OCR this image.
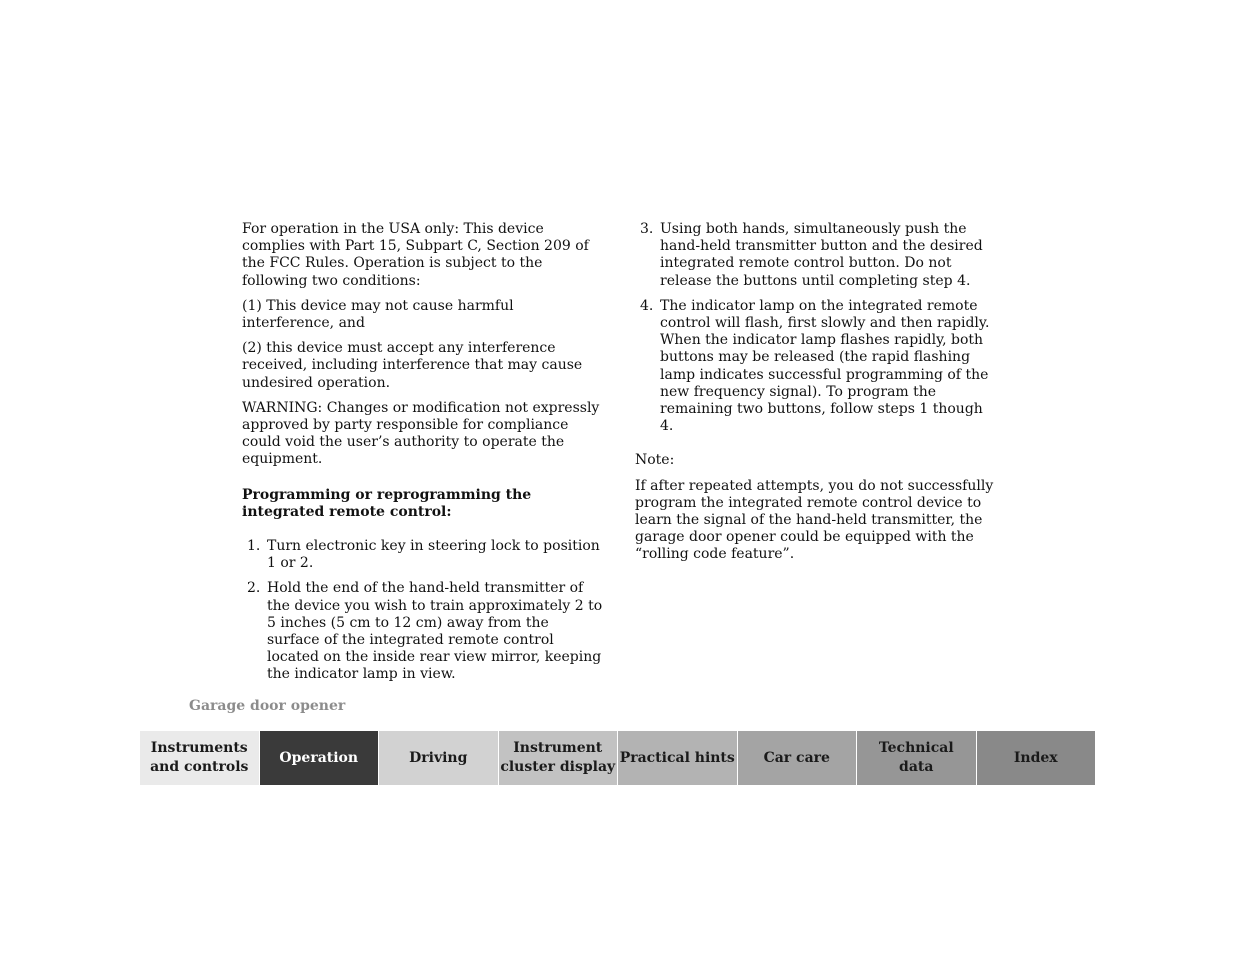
For operation in the USA only: This device complies with Part 15, Subpart C, Section 209 of the FCC Rules. Operation is subject to the following two conditions:

(1) This device may not cause harmful interference, and

(2) this device must accept any interference received, including interference that may cause undesired operation.

WARNING: Changes or modification not expressly approved by party responsible for compliance could void the user’s authority to operate the equipment.

Programming or reprogramming the integrated remote control:

1. Turn electronic key in steering lock to position 1 or 2.
2. Hold the end of the hand-held transmitter of the device you wish to train approximately 2 to 5 inches (5 cm to 12 cm) away from the surface of the integrated remote control located on the inside rear view mirror, keeping the indicator lamp in view.
3. Using both hands, simultaneously push the hand-held transmitter button and the desired integrated remote control button. Do not release the buttons until completing step 4.
4. The indicator lamp on the integrated remote control will flash, first slowly and then rapidly. When the indicator lamp flashes rapidly, both buttons may be released (the rapid flashing lamp indicates successful programming of the new frequency signal). To program the remaining two buttons, follow steps 1 though 4.

Note:

If after repeated attempts, you do not successfully program the integrated remote control device to learn the signal of the hand-held transmitter, the garage door opener could be equipped with the “rolling code feature”.

Garage door opener
Instruments
and controls
Operation	Driving
Instrument
cluster display
Practical hints	Car care
Technical
data
Index
